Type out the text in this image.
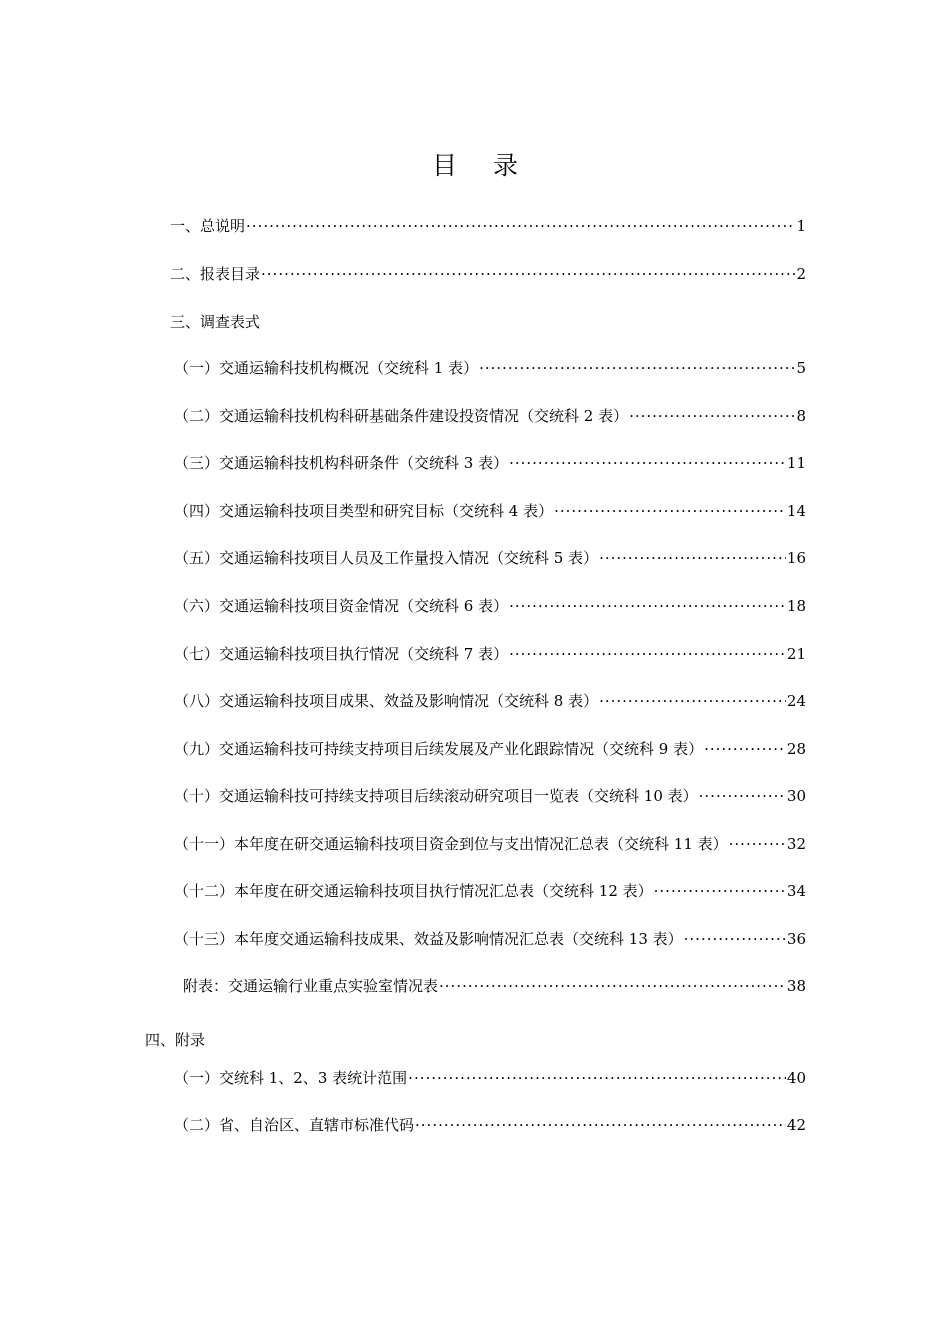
目录
一、总说明 ·····	1
二、报表目录 ·····	2
三、调查表式
（一）交通运输科技机构概况（交统科 1 表） ·····	5
（二）交通运输科技机构科研基础条件建设投资情况（交统科 2 表） ·····	8
（三）交通运输科技机构科研条件（交统科 3 表） ·····	11
（四）交通运输科技项目类型和研究目标（交统科 4 表） ·····	14
（五）交通运输科技项目人员及工作量投入情况（交统科 5 表） ·····	16
（六）交通运输科技项目资金情况（交统科 6 表） ·····	18
（七）交通运输科技项目执行情况（交统科 7 表） ·····	21
（八）交通运输科技项目成果、效益及影响情况（交统科 8 表） ·····	24
（九）交通运输科技可持续支持项目后续发展及产业化跟踪情况（交统科 9 表） ·····	28
（十）交通运输科技可持续支持项目后续滚动研究项目一览表（交统科 10 表） ·····	30
（十一）本年度在研交通运输科技项目资金到位与支出情况汇总表（交统科 11 表） ·····	32
（十二）本年度在研交通运输科技项目执行情况汇总表（交统科 12 表） ·····	34
（十三）本年度交通运输科技成果、效益及影响情况汇总表（交统科 13 表） ·····	36
附表：交通运输行业重点实验室情况表 ·····	38
四、附录
（一）交统科 1、2、3 表统计范围 ·····	40
（二）省、自治区、直辖市标准代码 ·····	42
